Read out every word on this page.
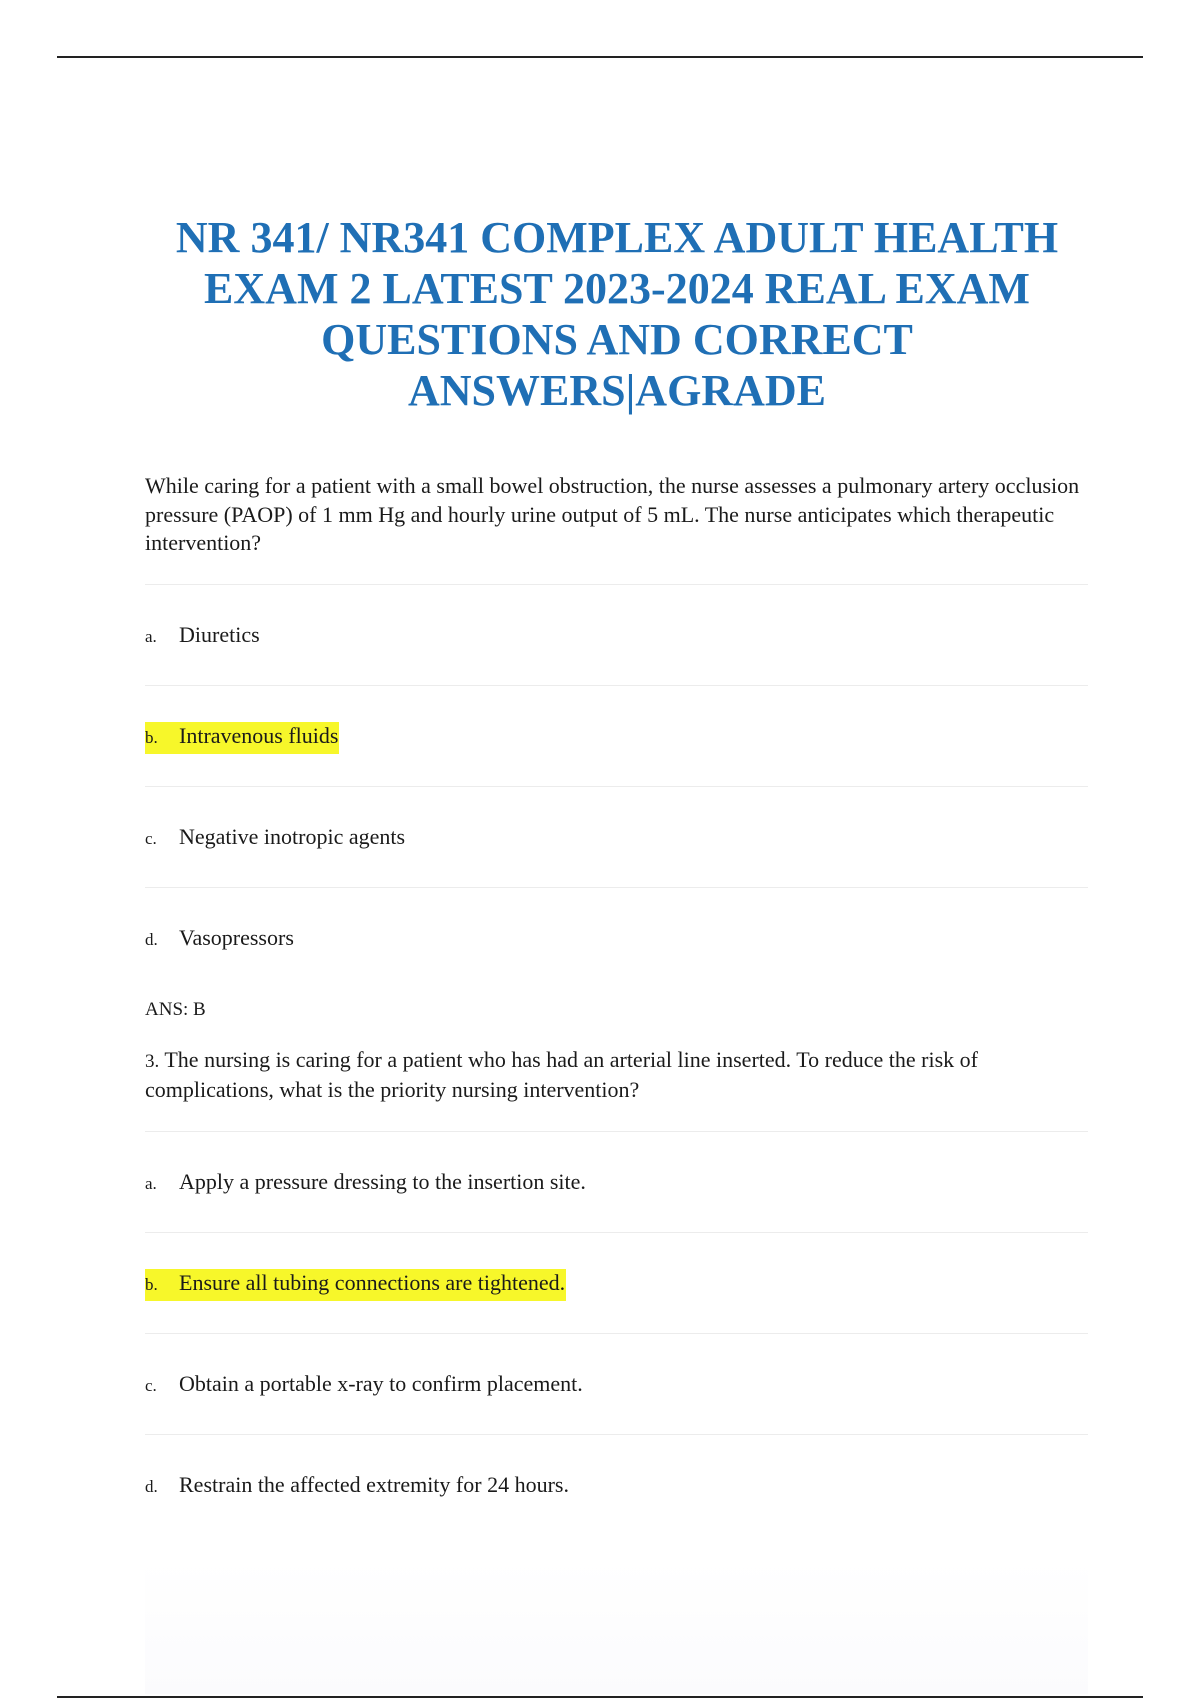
NR 341/ NR341 COMPLEX ADULT HEALTH EXAM 2 LATEST 2023-2024 REAL EXAM QUESTIONS AND CORRECT ANSWERS|AGRADE

While caring for a patient with a small bowel obstruction, the nurse assesses a pulmonary artery occlusion pressure (PAOP) of 1 mm Hg and hourly urine output of 5 mL. The nurse anticipates which therapeutic intervention?

a. Diuretics
b. Intravenous fluids
c. Negative inotropic agents
d. Vasopressors

ANS: B

3. The nursing is caring for a patient who has had an arterial line inserted. To reduce the risk of complications, what is the priority nursing intervention?

a. Apply a pressure dressing to the insertion site.
b. Ensure all tubing connections are tightened.
c. Obtain a portable x-ray to confirm placement.
d. Restrain the affected extremity for 24 hours.
